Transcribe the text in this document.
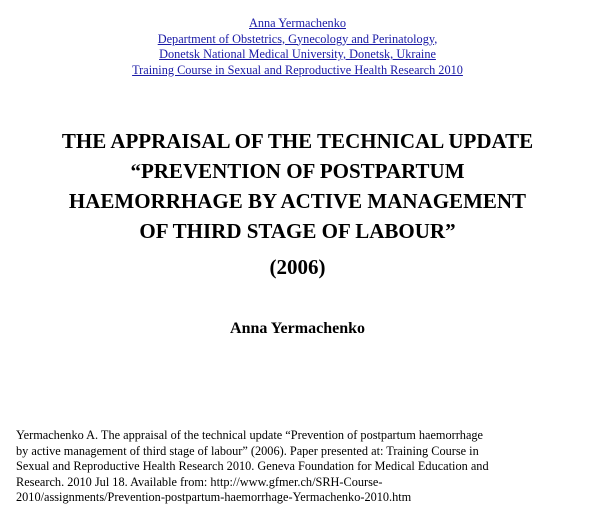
Anna Yermachenko
Department of Obstetrics, Gynecology and Perinatology,
Donetsk National Medical University, Donetsk, Ukraine
Training Course in Sexual and Reproductive Health Research 2010
THE APPRAISAL OF THE TECHNICAL UPDATE
“PREVENTION OF POSTPARTUM
HAEMORRHAGE BY ACTIVE MANAGEMENT
OF THIRD STAGE OF LABOUR”
(2006)
Anna Yermachenko
Yermachenko A. The appraisal of the technical update “Prevention of postpartum haemorrhage
by active management of third stage of labour” (2006). Paper presented at: Training Course in
Sexual and Reproductive Health Research 2010. Geneva Foundation for Medical Education and
Research. 2010 Jul 18. Available from: http://www.gfmer.ch/SRH-Course-
2010/assignments/Prevention-postpartum-haemorrhage-Yermachenko-2010.htm
